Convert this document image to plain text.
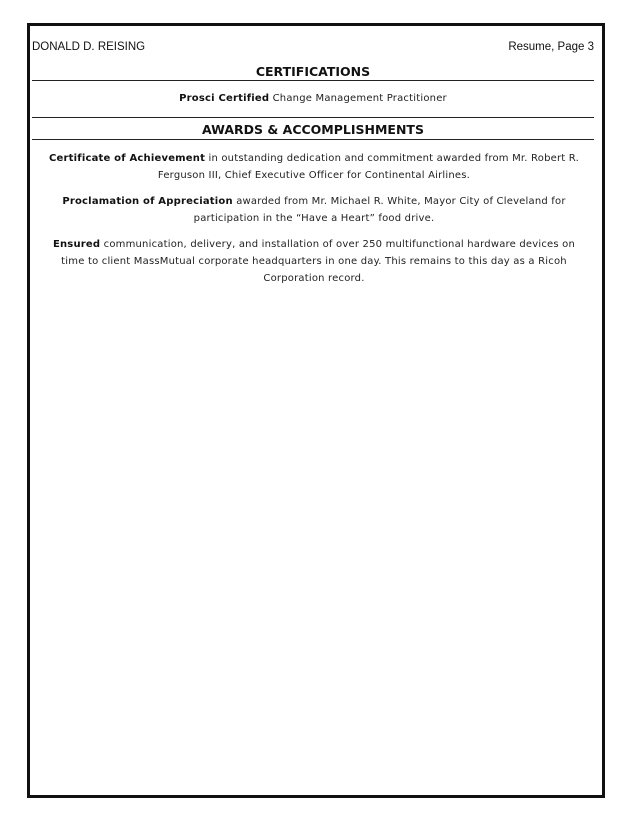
DONALD D. REISING	Resume, Page 3
CERTIFICATIONS
Prosci Certified Change Management Practitioner
AWARDS & ACCOMPLISHMENTS
Certificate of Achievement in outstanding dedication and commitment awarded from Mr. Robert R. Ferguson III, Chief Executive Officer for Continental Airlines.
Proclamation of Appreciation awarded from Mr. Michael R. White, Mayor City of Cleveland for participation in the “Have a Heart” food drive.
Ensured communication, delivery, and installation of over 250 multifunctional hardware devices on time to client MassMutual corporate headquarters in one day. This remains to this day as a Ricoh Corporation record.
